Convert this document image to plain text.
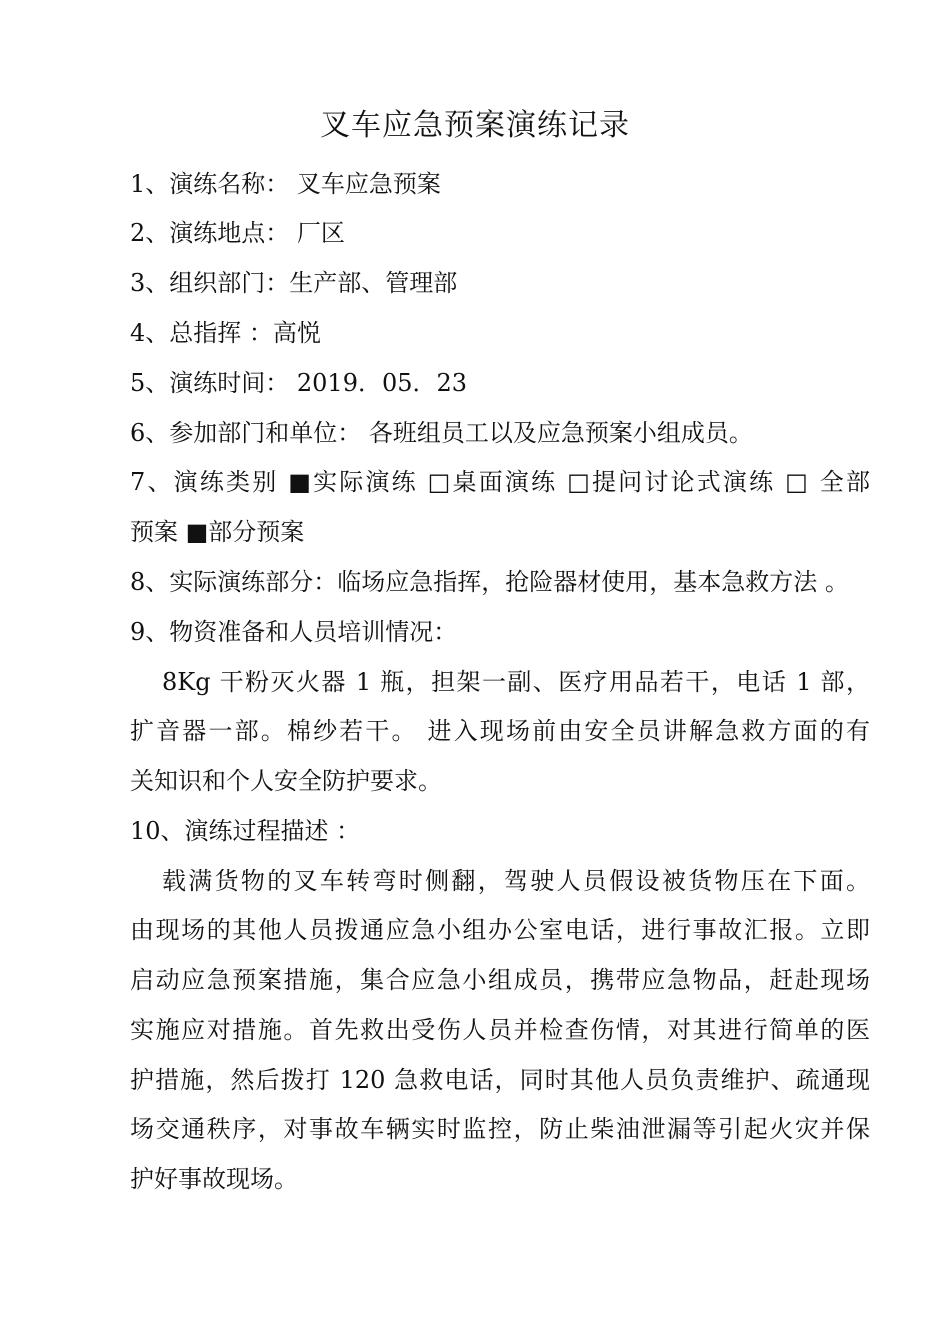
叉车应急预案演练记录
1、演练名称： 叉车应急预案
2、演练地点： 厂区
3、组织部门：生产部、管理部
4、总指挥 ：高悦
5、演练时间： 2019．05．23
6、参加部门和单位： 各班组员工以及应急预案小组成员。
7、演练类别 ■实际演练 □桌面演练 □提问讨论式演练 □ 全部
预案 ■部分预案
8、实际演练部分：临场应急指挥，抢险器材使用，基本急救方法 。
9、物资准备和人员培训情况：
8Kg 干粉灭火器 1 瓶，担架一副、医疗用品若干，电话 1 部，
扩音器一部。棉纱若干。 进入现场前由安全员讲解急救方面的有
关知识和个人安全防护要求。
10、演练过程描述 ：
载满货物的叉车转弯时侧翻，驾驶人员假设被货物压在下面。
由现场的其他人员拨通应急小组办公室电话，进行事故汇报。立即
启动应急预案措施，集合应急小组成员，携带应急物品，赶赴现场
实施应对措施。首先救出受伤人员并检查伤情，对其进行简单的医
护措施，然后拨打 120 急救电话，同时其他人员负责维护、疏通现
场交通秩序，对事故车辆实时监控，防止柴油泄漏等引起火灾并保
护好事故现场。
